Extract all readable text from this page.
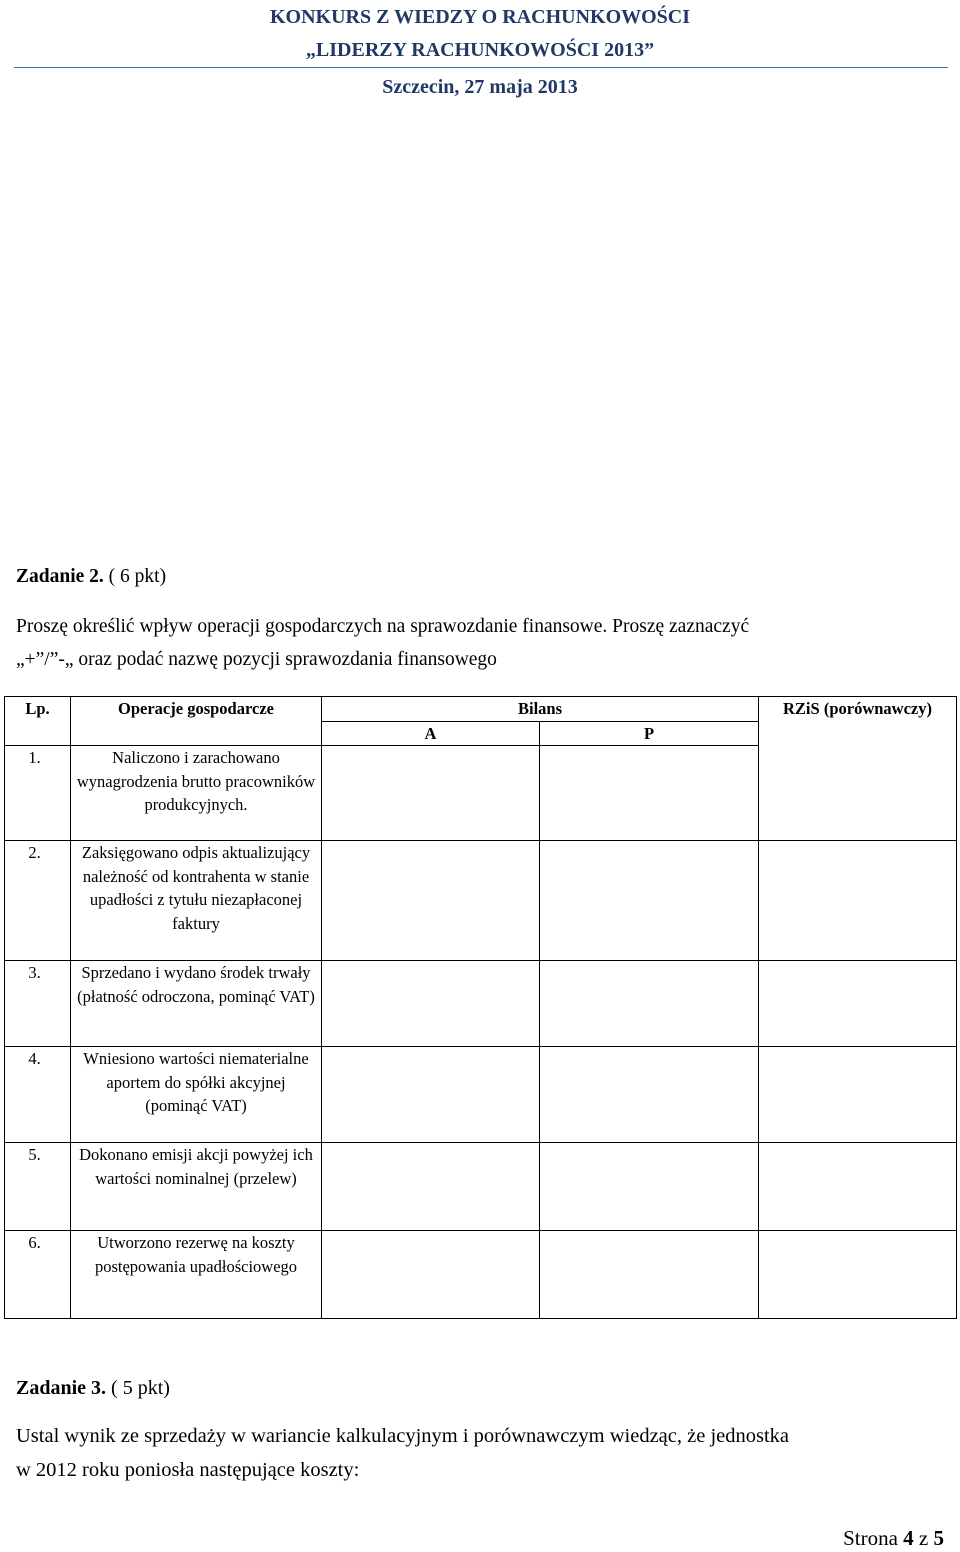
KONKURS Z WIEDZY O RACHUNKOWOŚCI
„LIDERZY RACHUNKOWOŚCI 2013”
Szczecin, 27 maja 2013
Zadanie 2. ( 6 pkt)
Proszę określić wpływ operacji gospodarczych na sprawozdanie finansowe. Proszę zaznaczyć
„+”/”-„ oraz podać nazwę pozycji sprawozdania finansowego
Lp.	Operacje gospodarcze	Bilans		RZiS (porównawczy)
		A	P	
1.	Naliczono i zarachowano wynagrodzenia brutto pracowników produkcyjnych.			
2.	Zaksięgowano odpis aktualizujący należność od kontrahenta w stanie upadłości z tytułu niezapłaconej faktury			
3.	Sprzedano i wydano środek trwały (płatność odroczona, pominąć VAT)			
4.	Wniesiono wartości niematerialne aportem do spółki akcyjnej (pominąć VAT)			
5.	Dokonano emisji akcji powyżej ich wartości nominalnej (przelew)			
6.	Utworzono rezerwę na koszty postępowania upadłościowego			
Zadanie 3. ( 5 pkt)
Ustal wynik ze sprzedaży w wariancie kalkulacyjnym i porównawczym wiedząc, że jednostka
w 2012 roku poniosła następujące koszty:
Strona 4 z 5
